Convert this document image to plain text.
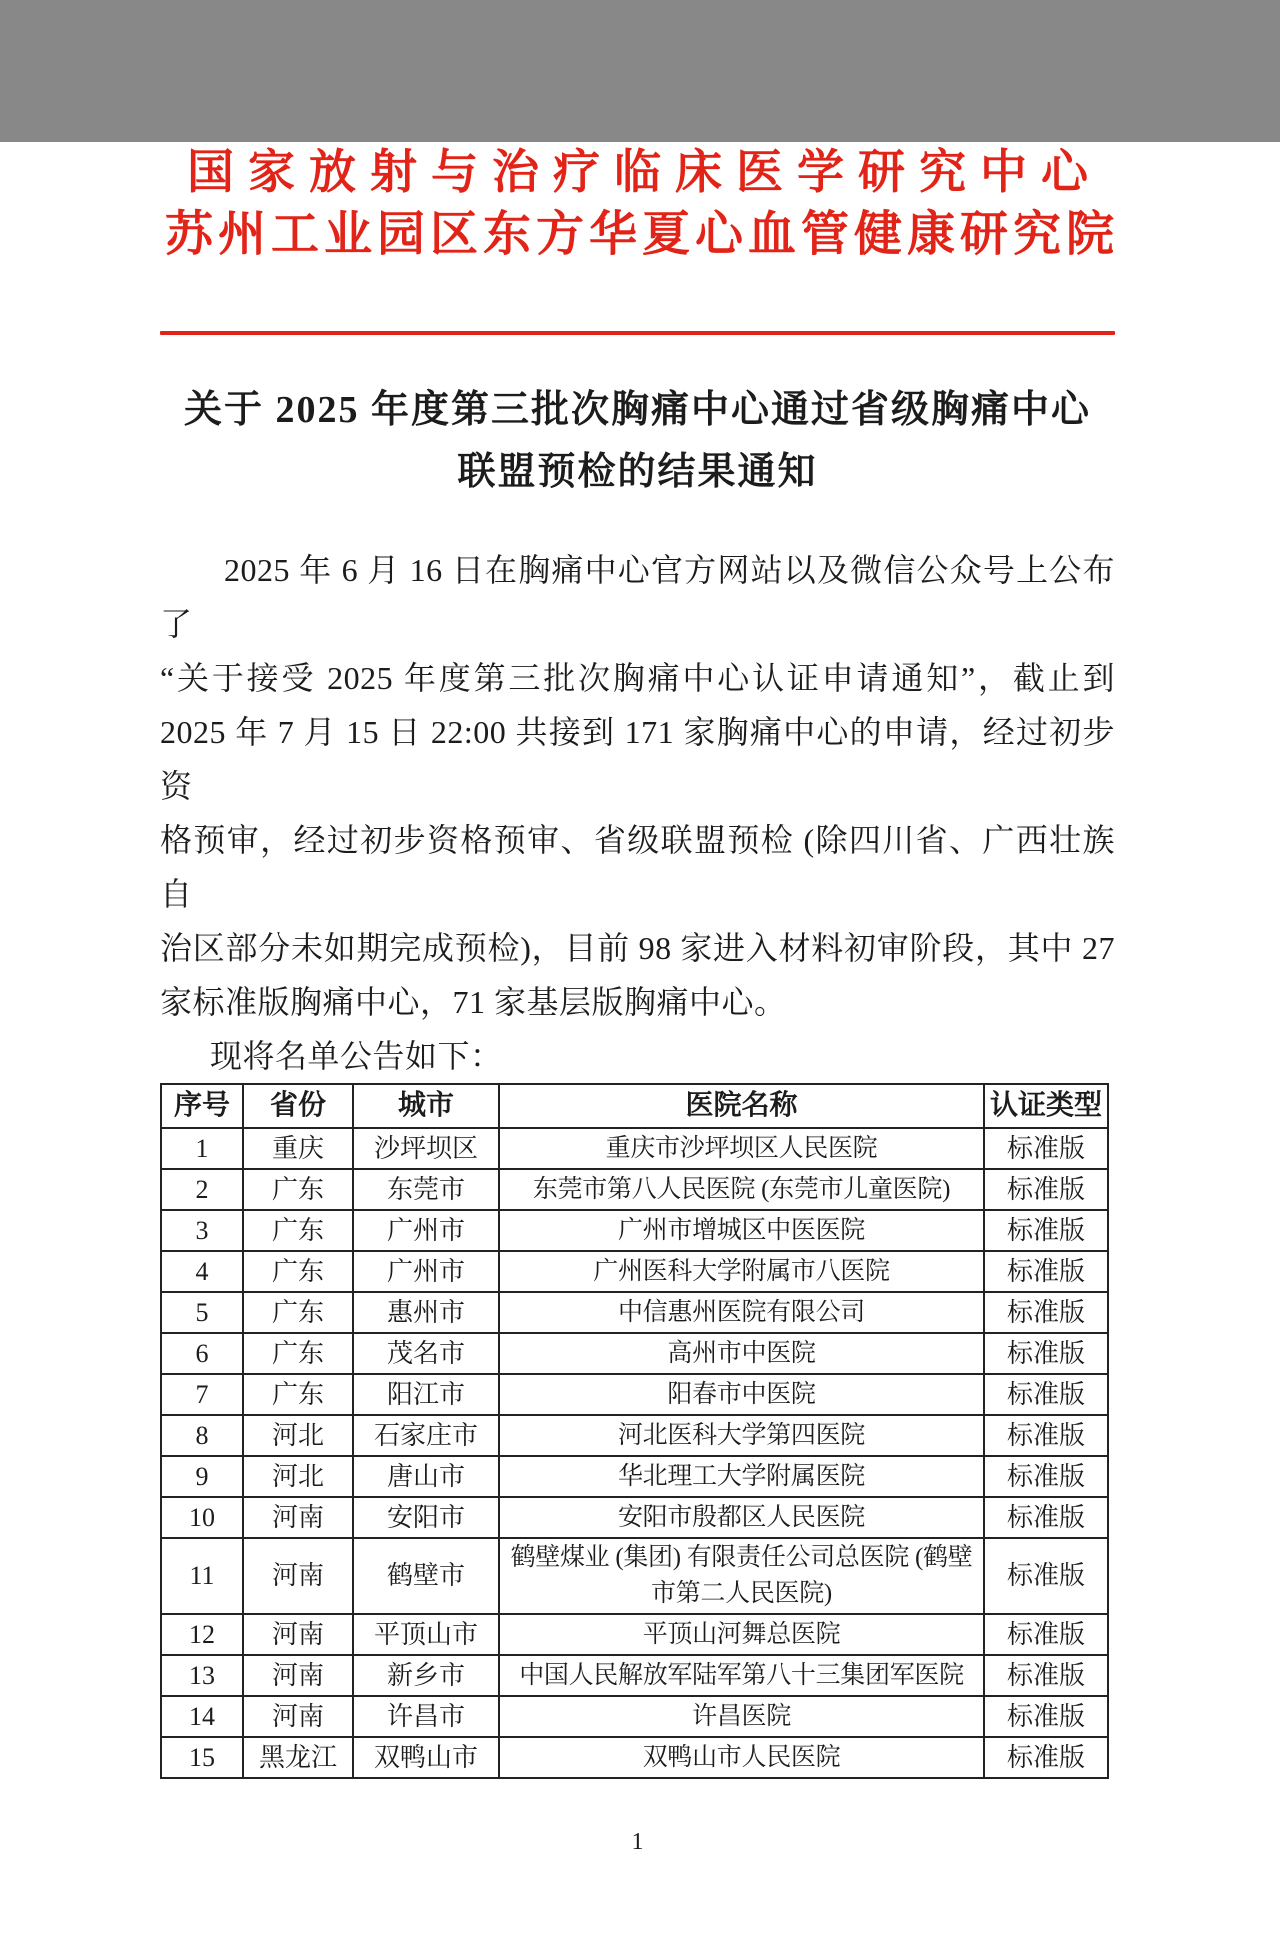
国家放射与治疗临床医学研究中心
苏州工业园区东方华夏心血管健康研究院
关于 2025 年度第三批次胸痛中心通过省级胸痛中心
联盟预检的结果通知
2025 年 6 月 16 日在胸痛中心官方网站以及微信公众号上公布了
“关于接受 2025 年度第三批次胸痛中心认证申请通知”，截止到
2025 年 7 月 15 日 22:00 共接到 171 家胸痛中心的申请，经过初步资
格预审，经过初步资格预审、省级联盟预检 (除四川省、广西壮族自
治区部分未如期完成预检)，目前 98 家进入材料初审阶段，其中 27
家标准版胸痛中心，71 家基层版胸痛中心。
现将名单公告如下：
序号	省份	城市	医院名称	认证类型
1	重庆	沙坪坝区	重庆市沙坪坝区人民医院	标准版
2	广东	东莞市	东莞市第八人民医院 (东莞市儿童医院)	标准版
3	广东	广州市	广州市增城区中医医院	标准版
4	广东	广州市	广州医科大学附属市八医院	标准版
5	广东	惠州市	中信惠州医院有限公司	标准版
6	广东	茂名市	高州市中医院	标准版
7	广东	阳江市	阳春市中医院	标准版
8	河北	石家庄市	河北医科大学第四医院	标准版
9	河北	唐山市	华北理工大学附属医院	标准版
10	河南	安阳市	安阳市殷都区人民医院	标准版
11	河南	鹤壁市	鹤壁煤业 (集团) 有限责任公司总医院 (鹤壁市第二人民医院)	标准版
12	河南	平顶山市	平顶山河舞总医院	标准版
13	河南	新乡市	中国人民解放军陆军第八十三集团军医院	标准版
14	河南	许昌市	许昌医院	标准版
15	黑龙江	双鸭山市	双鸭山市人民医院	标准版
1
